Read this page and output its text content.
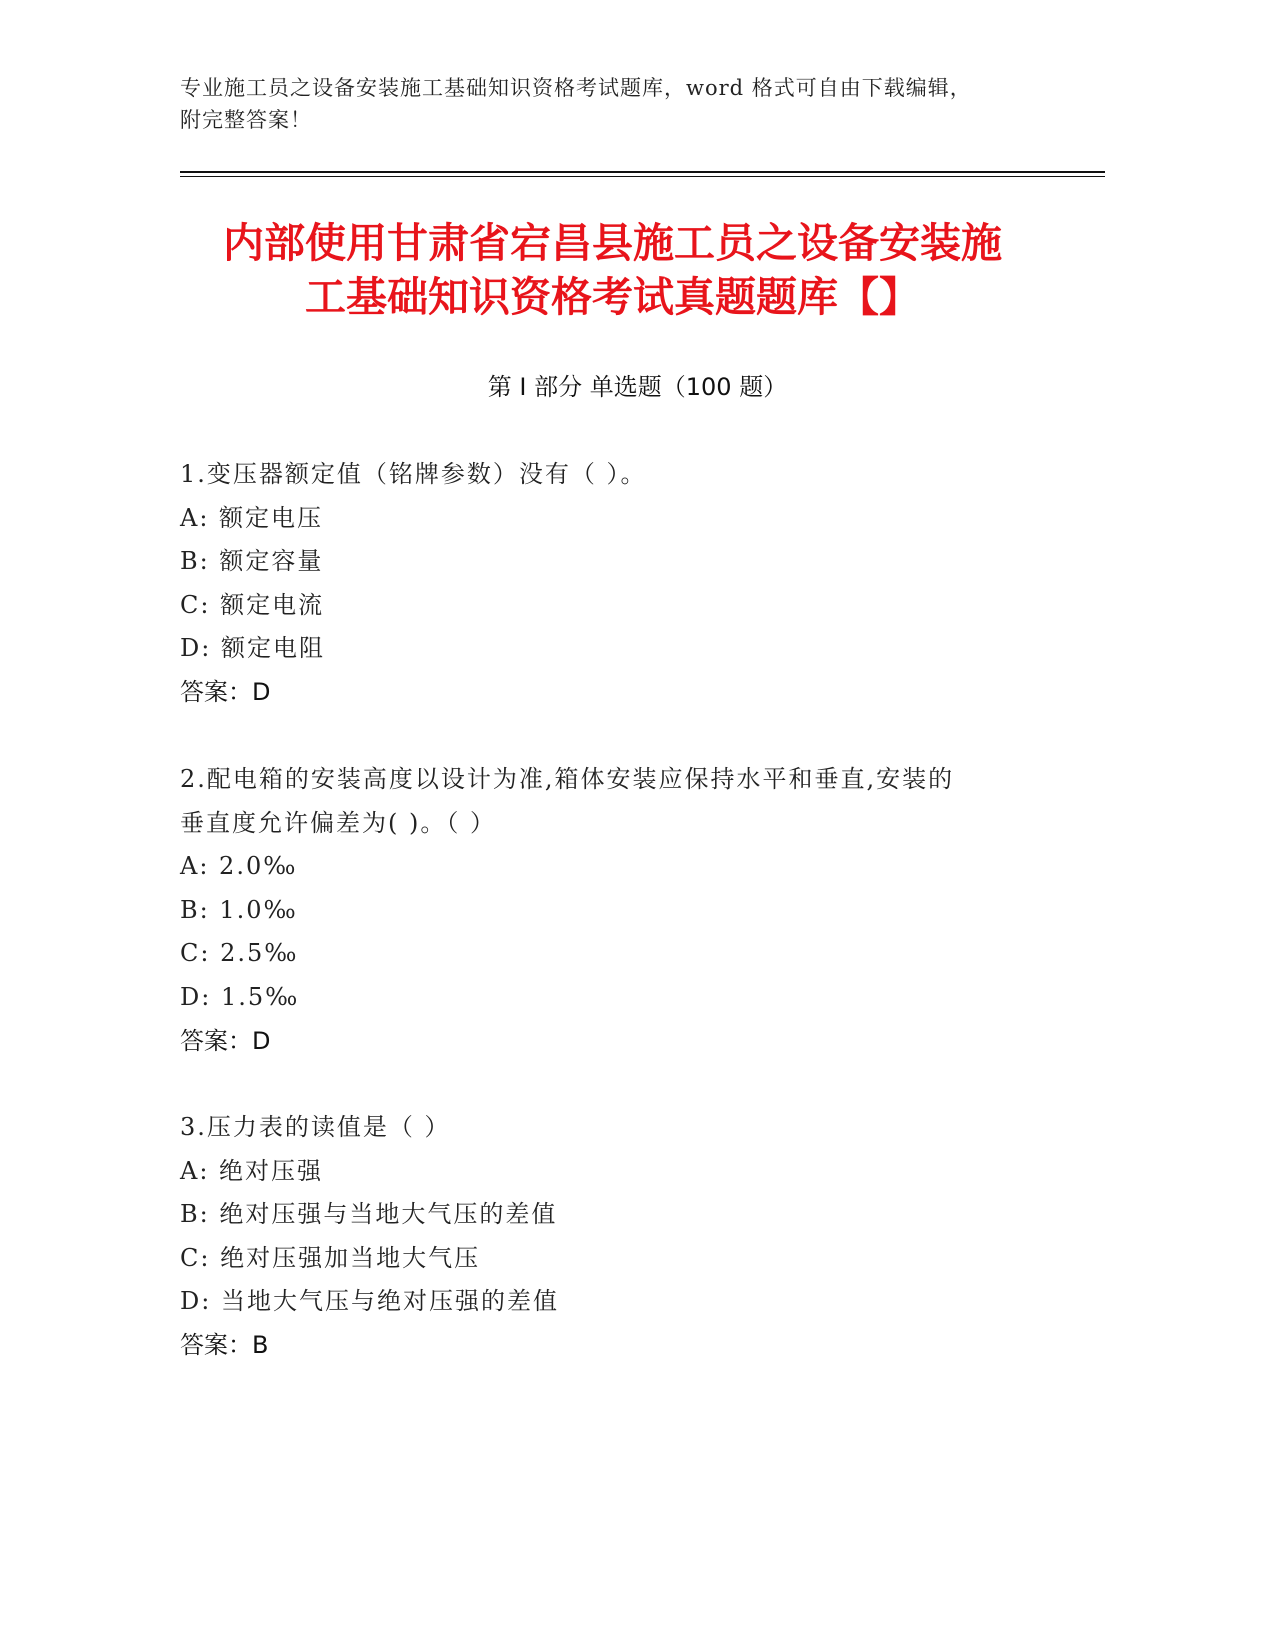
专业施工员之设备安装施工基础知识资格考试题库，word 格式可自由下载编辑，
附完整答案！
内部使用甘肃省宕昌县施工员之设备安装施
工基础知识资格考试真题题库【】
第 I 部分 单选题（100 题）
1.变压器额定值（铭牌参数）没有（ ）。
A: 额定电压
B: 额定容量
C: 额定电流
D: 额定电阻
答案：D
2.配电箱的安装高度以设计为准,箱体安装应保持水平和垂直,安装的
垂直度允许偏差为( )。（ ）
A: 2.0‰
B: 1.0‰
C: 2.5‰
D: 1.5‰
答案：D
3.压力表的读值是（ ）
A: 绝对压强
B: 绝对压强与当地大气压的差值
C: 绝对压强加当地大气压
D: 当地大气压与绝对压强的差值
答案：B
